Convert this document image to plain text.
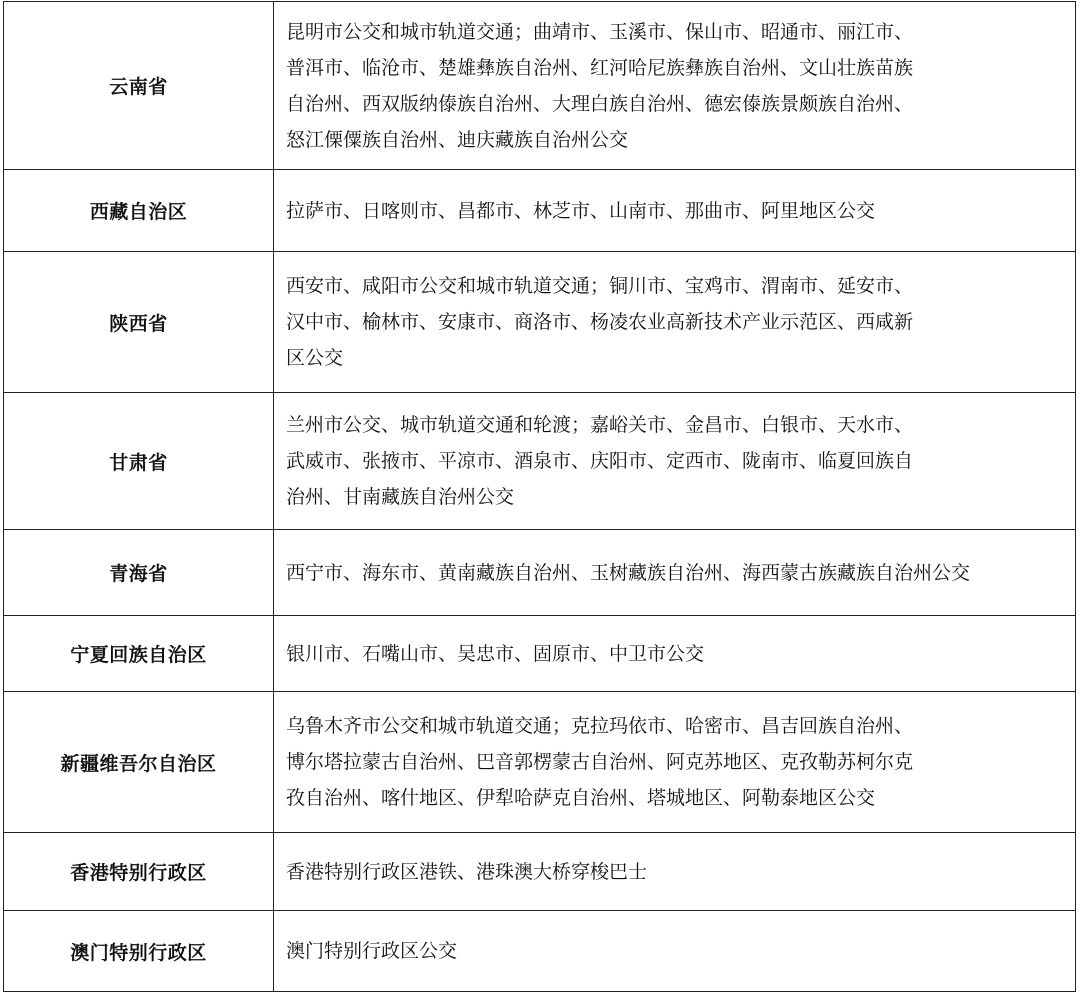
云南省	昆明市公交和城市轨道交通；曲靖市、玉溪市、保山市、昭通市、丽江市、
普洱市、临沧市、楚雄彝族自治州、红河哈尼族彝族自治州、文山壮族苗族
自治州、西双版纳傣族自治州、大理白族自治州、德宏傣族景颇族自治州、
怒江傈僳族自治州、迪庆藏族自治州公交

西藏自治区	拉萨市、日喀则市、昌都市、林芝市、山南市、那曲市、阿里地区公交

陕西省	西安市、咸阳市公交和城市轨道交通；铜川市、宝鸡市、渭南市、延安市、
汉中市、榆林市、安康市、商洛市、杨凌农业高新技术产业示范区、西咸新
区公交

甘肃省	兰州市公交、城市轨道交通和轮渡；嘉峪关市、金昌市、白银市、天水市、
武威市、张掖市、平凉市、酒泉市、庆阳市、定西市、陇南市、临夏回族自
治州、甘南藏族自治州公交

青海省	西宁市、海东市、黄南藏族自治州、玉树藏族自治州、海西蒙古族藏族自治州公交

宁夏回族自治区	银川市、石嘴山市、吴忠市、固原市、中卫市公交

新疆维吾尔自治区	乌鲁木齐市公交和城市轨道交通；克拉玛依市、哈密市、昌吉回族自治州、
博尔塔拉蒙古自治州、巴音郭楞蒙古自治州、阿克苏地区、克孜勒苏柯尔克
孜自治州、喀什地区、伊犁哈萨克自治州、塔城地区、阿勒泰地区公交

香港特别行政区	香港特别行政区港铁、港珠澳大桥穿梭巴士

澳门特别行政区	澳门特别行政区公交
